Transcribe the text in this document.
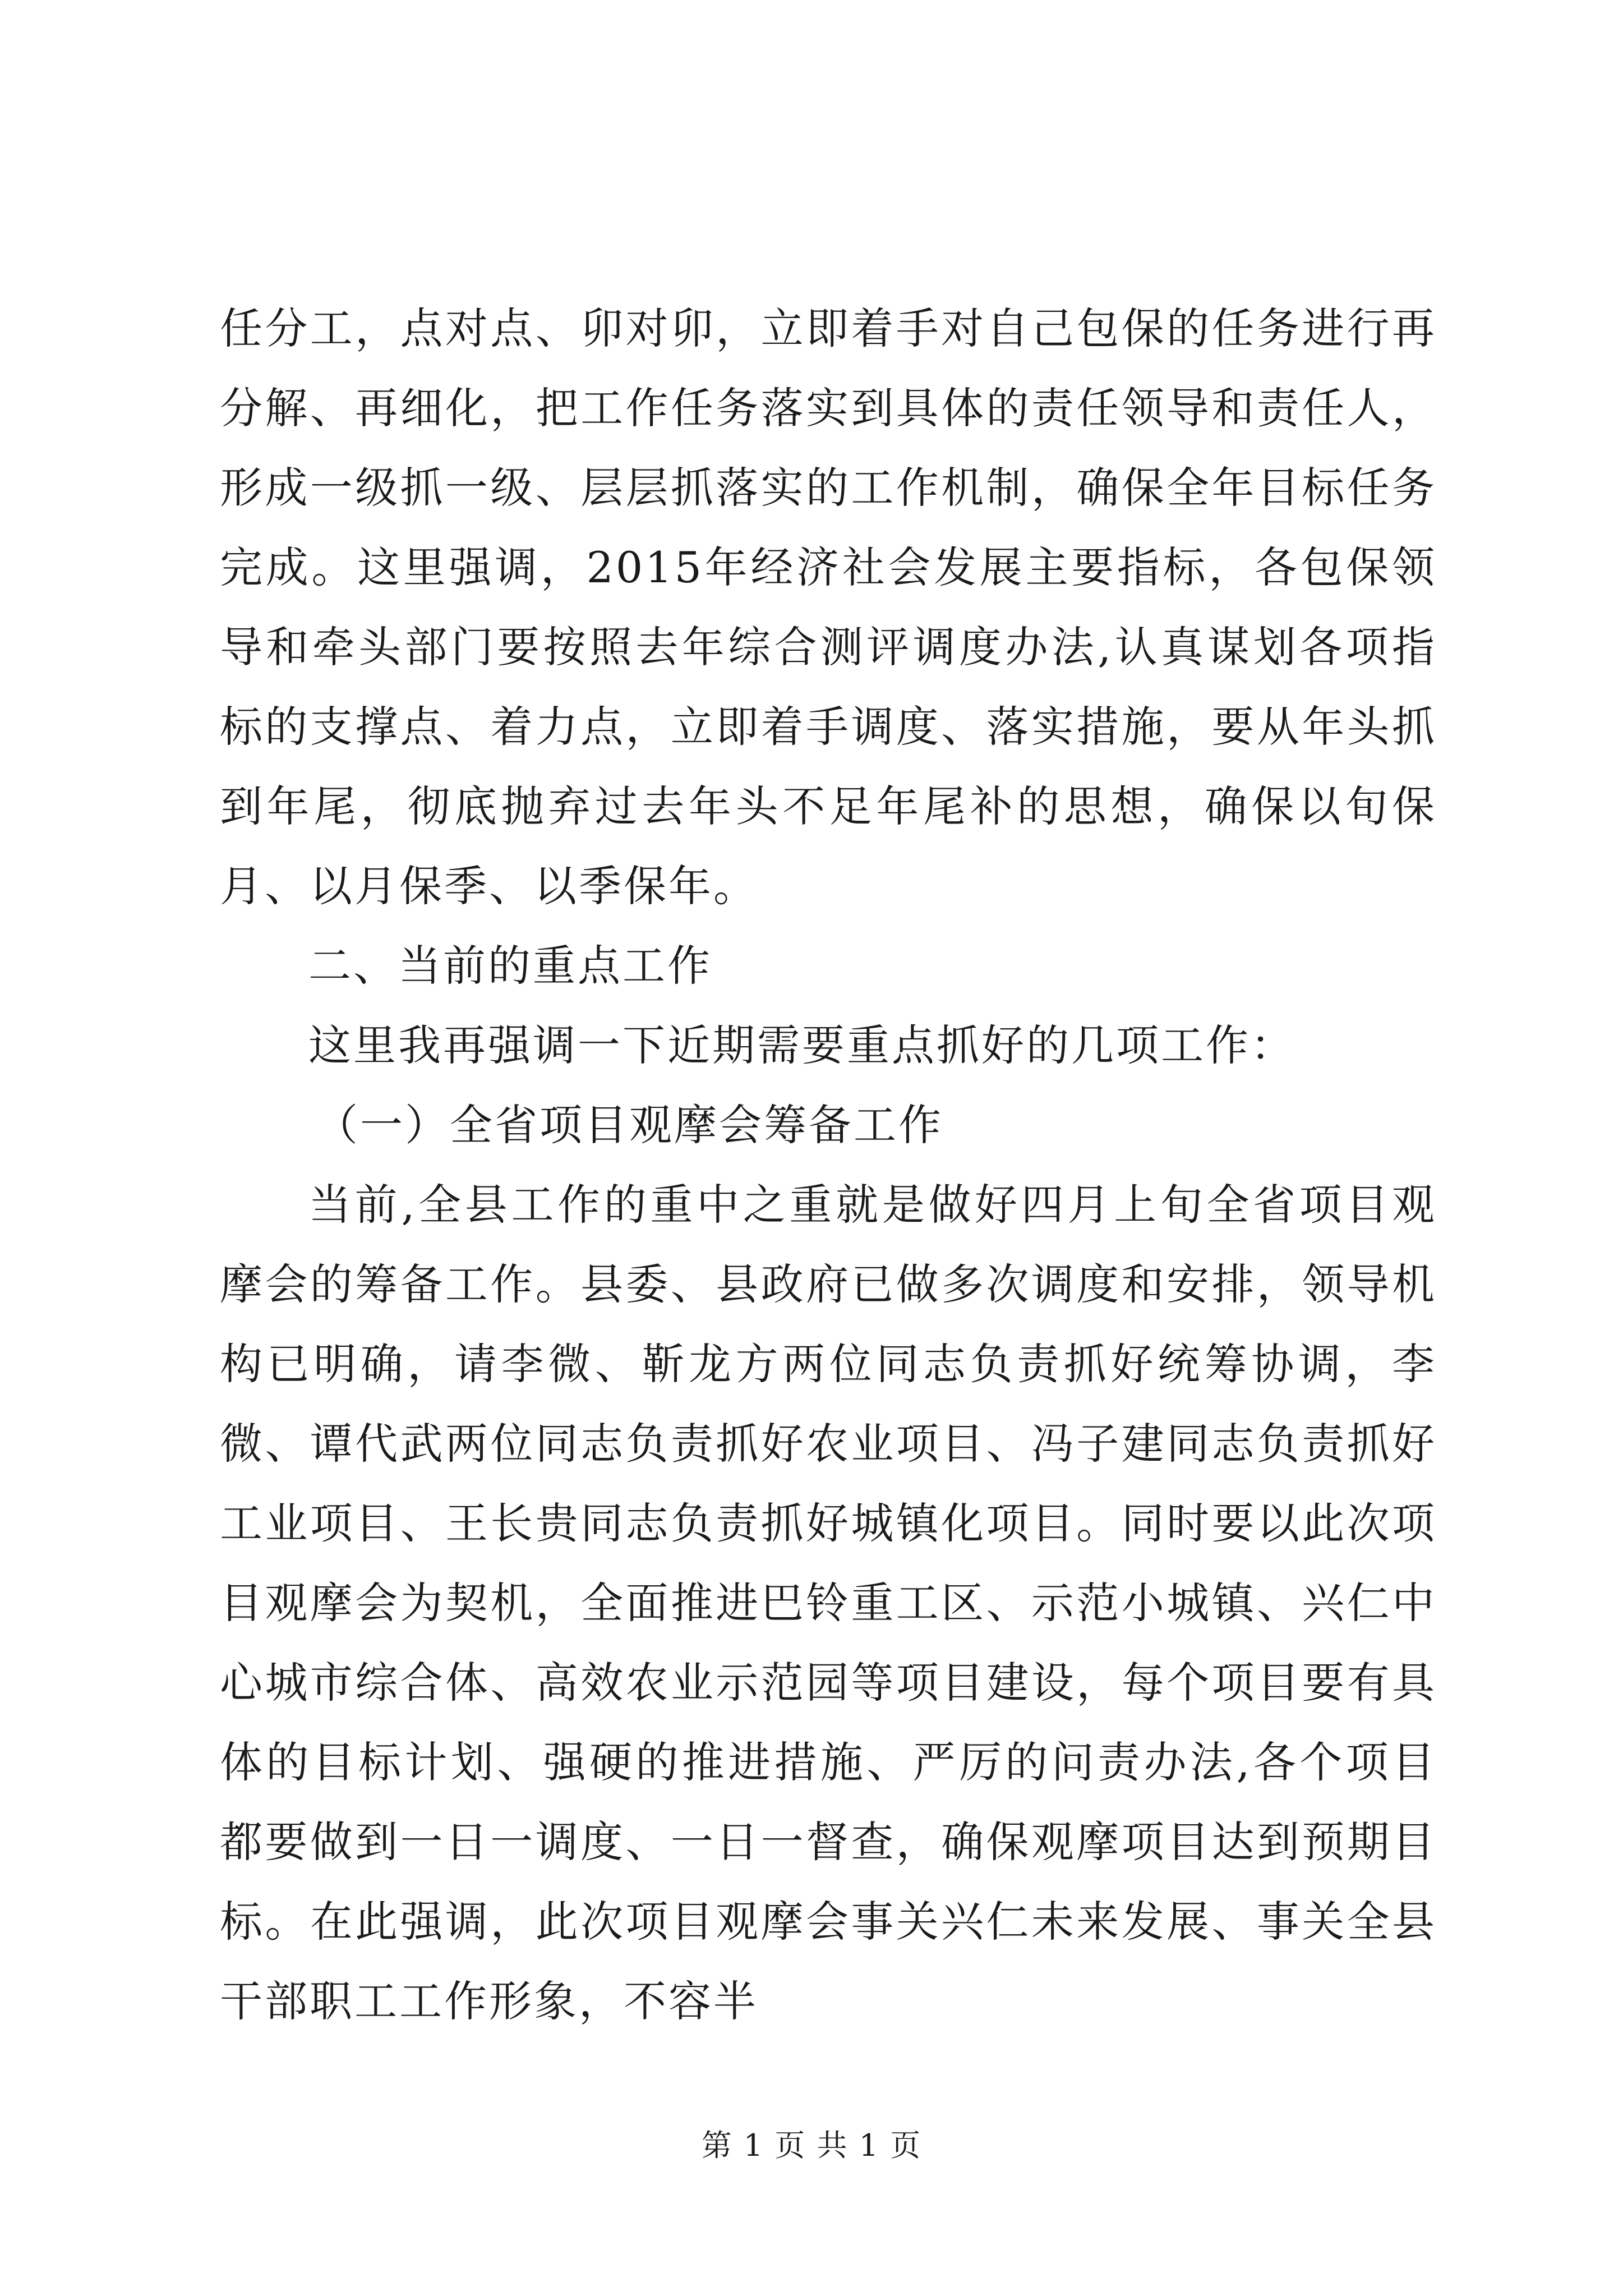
任分工，点对点、卯对卯，立即着手对自己包保的任务进行再分解、再细化，把工作任务落实到具体的责任领导和责任人，形成一级抓一级、层层抓落实的工作机制，确保全年目标任务完成。这里强调，2015年经济社会发展主要指标，各包保领导和牵头部门要按照去年综合测评调度办法,认真谋划各项指标的支撑点、着力点，立即着手调度、落实措施，要从年头抓到年尾，彻底抛弃过去年头不足年尾补的思想，确保以旬保月、以月保季、以季保年。

二、当前的重点工作

这里我再强调一下近期需要重点抓好的几项工作：

（一）全省项目观摩会筹备工作

当前,全县工作的重中之重就是做好四月上旬全省项目观摩会的筹备工作。县委、县政府已做多次调度和安排，领导机构已明确，请李微、靳龙方两位同志负责抓好统筹协调，李微、谭代武两位同志负责抓好农业项目、冯子建同志负责抓好工业项目、王长贵同志负责抓好城镇化项目。同时要以此次项目观摩会为契机，全面推进巴铃重工区、示范小城镇、兴仁中心城市综合体、高效农业示范园等项目建设，每个项目要有具体的目标计划、强硬的推进措施、严厉的问责办法,各个项目都要做到一日一调度、一日一督查，确保观摩项目达到预期目标。在此强调，此次项目观摩会事关兴仁未来发展、事关全县干部职工工作形象，不容半

第 1 页 共 1 页
